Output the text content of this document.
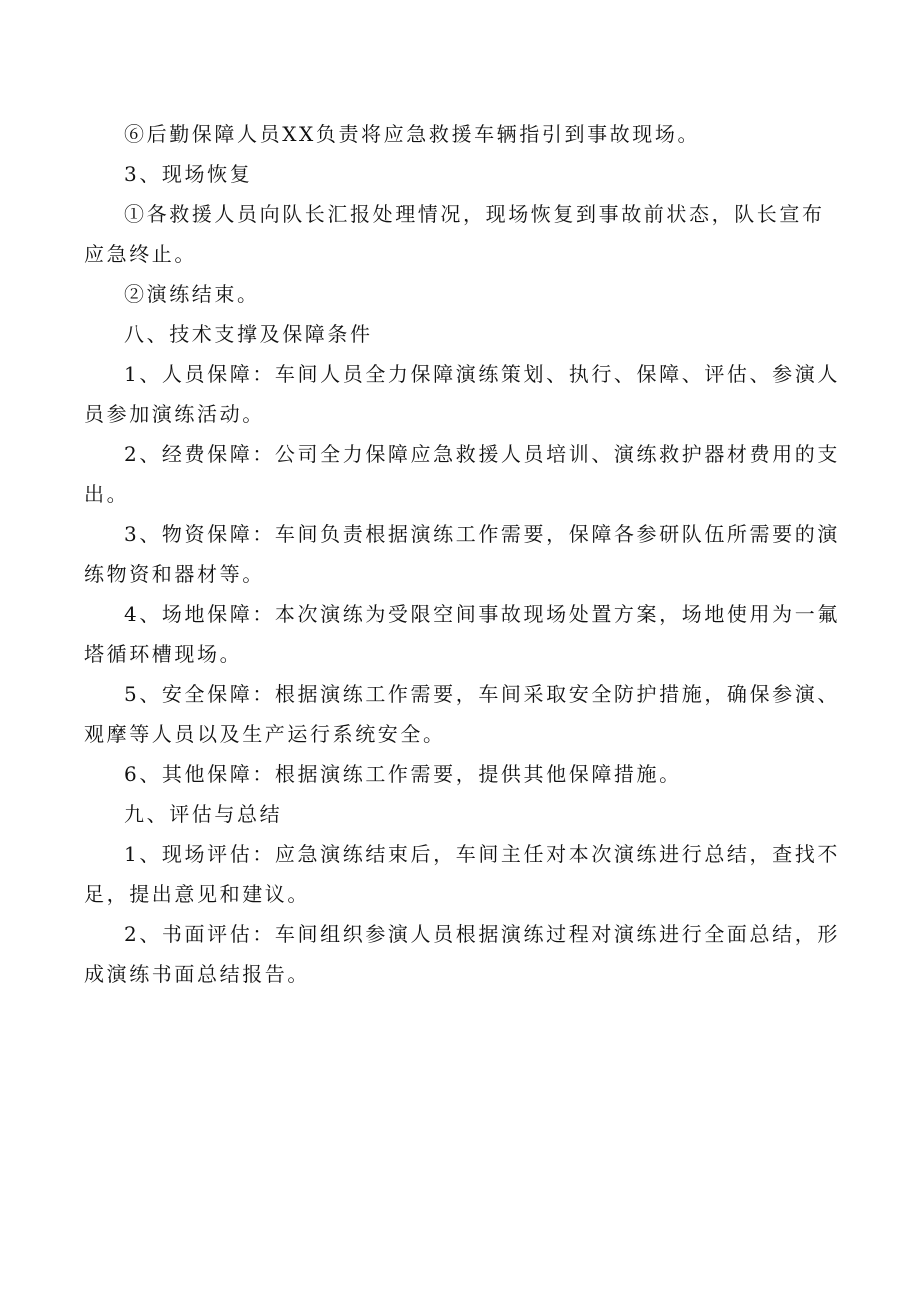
⑥后勤保障人员XX负责将应急救援车辆指引到事故现场。

3、现场恢复

①各救援人员向队长汇报处理情况，现场恢复到事故前状态，队长宣布应急终止。

②演练结束。

八、技术支撑及保障条件

1、人员保障：车间人员全力保障演练策划、执行、保障、评估、参演人员参加演练活动。

2、经费保障：公司全力保障应急救援人员培训、演练救护器材费用的支出。

3、物资保障：车间负责根据演练工作需要，保障各参研队伍所需要的演练物资和器材等。

4、场地保障：本次演练为受限空间事故现场处置方案，场地使用为一氟塔循环槽现场。

5、安全保障：根据演练工作需要，车间采取安全防护措施，确保参演、观摩等人员以及生产运行系统安全。

6、其他保障：根据演练工作需要，提供其他保障措施。

九、评估与总结

1、现场评估：应急演练结束后，车间主任对本次演练进行总结，查找不足，提出意见和建议。

2、书面评估：车间组织参演人员根据演练过程对演练进行全面总结，形成演练书面总结报告。
